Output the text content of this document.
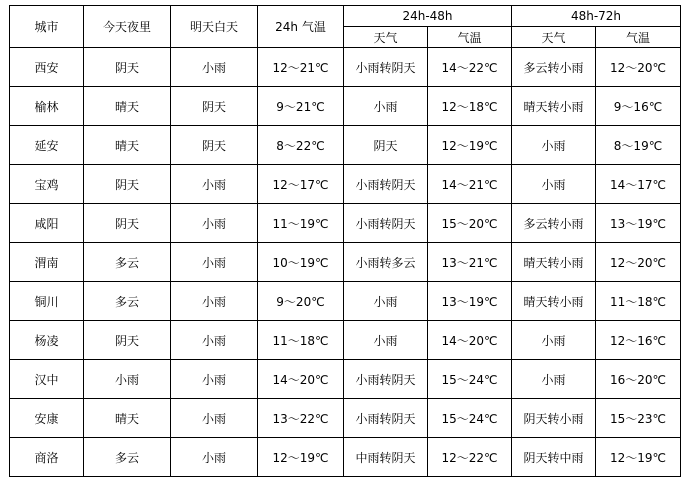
城市	今天夜里	明天白天	24h 气温	24h-48h		48h-72h	
				天气	气温	天气	气温
西安	阴天	小雨	12～21℃	小雨转阴天	14～22℃	多云转小雨	12～20℃
榆林	晴天	阴天	9～21℃	小雨	12～18℃	晴天转小雨	9～16℃
延安	晴天	阴天	8～22℃	阴天	12～19℃	小雨	8～19℃
宝鸡	阴天	小雨	12～17℃	小雨转阴天	14～21℃	小雨	14～17℃
咸阳	阴天	小雨	11～19℃	小雨转阴天	15～20℃	多云转小雨	13～19℃
渭南	多云	小雨	10～19℃	小雨转多云	13～21℃	晴天转小雨	12～20℃
铜川	多云	小雨	9～20℃	小雨	13～19℃	晴天转小雨	11～18℃
杨凌	阴天	小雨	11～18℃	小雨	14～20℃	小雨	12～16℃
汉中	小雨	小雨	14～20℃	小雨转阴天	15～24℃	小雨	16～20℃
安康	晴天	小雨	13～22℃	小雨转阴天	15～24℃	阴天转小雨	15～23℃
商洛	多云	小雨	12～19℃	中雨转阴天	12～22℃	阴天转中雨	12～19℃
